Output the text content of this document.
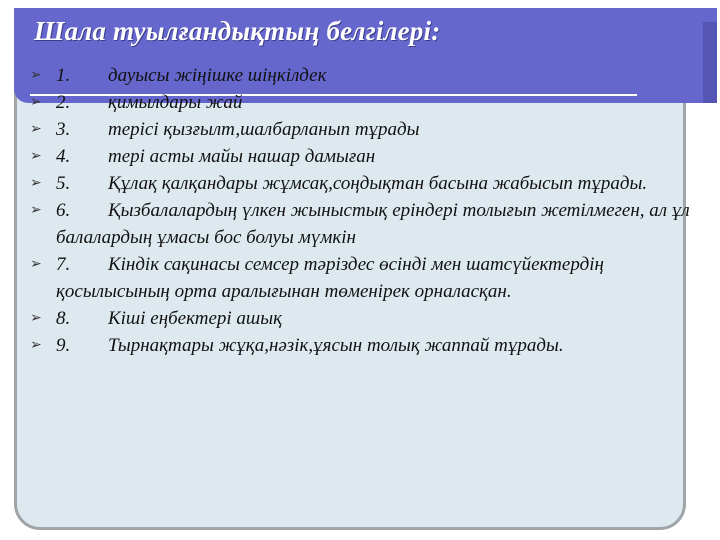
Шала туылғандықтың белгілері:
➢ 1. дауысы жіңішке шіңкілдек
➢ 2. қимылдары жай
➢ 3. терісі қызғылт,шалбарланып тұрады
➢ 4. тері асты майы нашар дамыған
➢ 5. Құлақ қалқандары жұмсақ,соңдықтан басына жабысып тұрады.
➢ 6. Қызбалалардың үлкен жыныстық еріндері толығып жетілмеген, ал ұл балалардың ұмасы бос болуы мүмкін
➢ 7. Кіндік сақинасы семсер тәріздес өсінді мен шатсүйектердің қосылысының орта аралығынан төменірек орналасқан.
➢ 8. Кіші еңбектері ашық
➢ 9. Тырнақтары жұқа,нәзік,ұясын толық жаппай тұрады.
